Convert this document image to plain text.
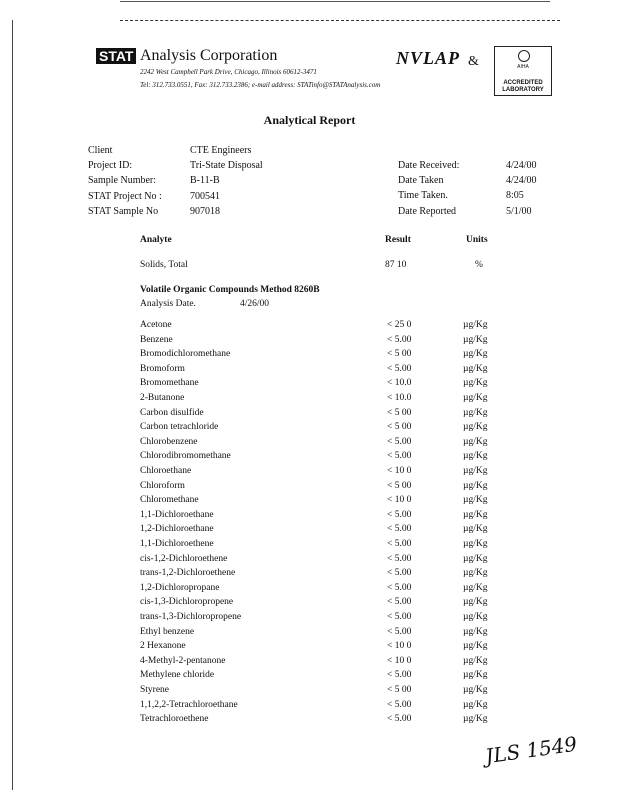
STAT Analysis Corporation
2242 West Campbell Park Drive, Chicago, Illinois 60612-3471
Tel: 312.733.0551, Fax: 312.733.2386; e-mail address: STATinfo@STATAnalysis.com
NVLAP &	AIHA
ACCREDITED LABORATORY
Analytical Report
Client	CTE Engineers
Project ID:	Tri-State Disposal
Sample Number:	B-11-B
STAT Project No :	700541
STAT Sample No	907018
Date Received:	4/24/00
Date Taken	4/24/00
Time Taken.	8:05
Date Reported	5/1/00
Analyte	Result	Units
Solids, Total	87 10	%
Volatile Organic Compounds Method 8260B
Analysis Date.	4/26/00
Acetone	< 25 0	µg/Kg
Benzene	< 5.00	µg/Kg
Bromodichloromethane	< 5 00	µg/Kg
Bromoform	< 5.00	µg/Kg
Bromomethane	< 10.0	µg/Kg
2-Butanone	< 10.0	µg/Kg
Carbon disulfide	< 5 00	µg/Kg
Carbon tetrachloride	< 5 00	µg/Kg
Chlorobenzene	< 5.00	µg/Kg
Chlorodibromomethane	< 5.00	µg/Kg
Chloroethane	< 10 0	µg/Kg
Chloroform	< 5 00	µg/Kg
Chloromethane	< 10 0	µg/Kg
1,1-Dichloroethane	< 5.00	µg/Kg
1,2-Dichloroethane	< 5.00	µg/Kg
1,1-Dichloroethene	< 5.00	µg/Kg
cis-1,2-Dichloroethene	< 5.00	µg/Kg
trans-1,2-Dichloroethene	< 5.00	µg/Kg
1,2-Dichloropropane	< 5.00	µg/Kg
cis-1,3-Dichloropropene	< 5.00	µg/Kg
trans-1,3-Dichloropropene	< 5.00	µg/Kg
Ethyl benzene	< 5.00	µg/Kg
2 Hexanone	< 10 0	µg/Kg
4-Methyl-2-pentanone	< 10 0	µg/Kg
Methylene chloride	< 5.00	µg/Kg
Styrene	< 5 00	µg/Kg
1,1,2,2-Tetrachloroethane	< 5.00	µg/Kg
Tetrachloroethene	< 5.00	µg/Kg
JLS 1549
